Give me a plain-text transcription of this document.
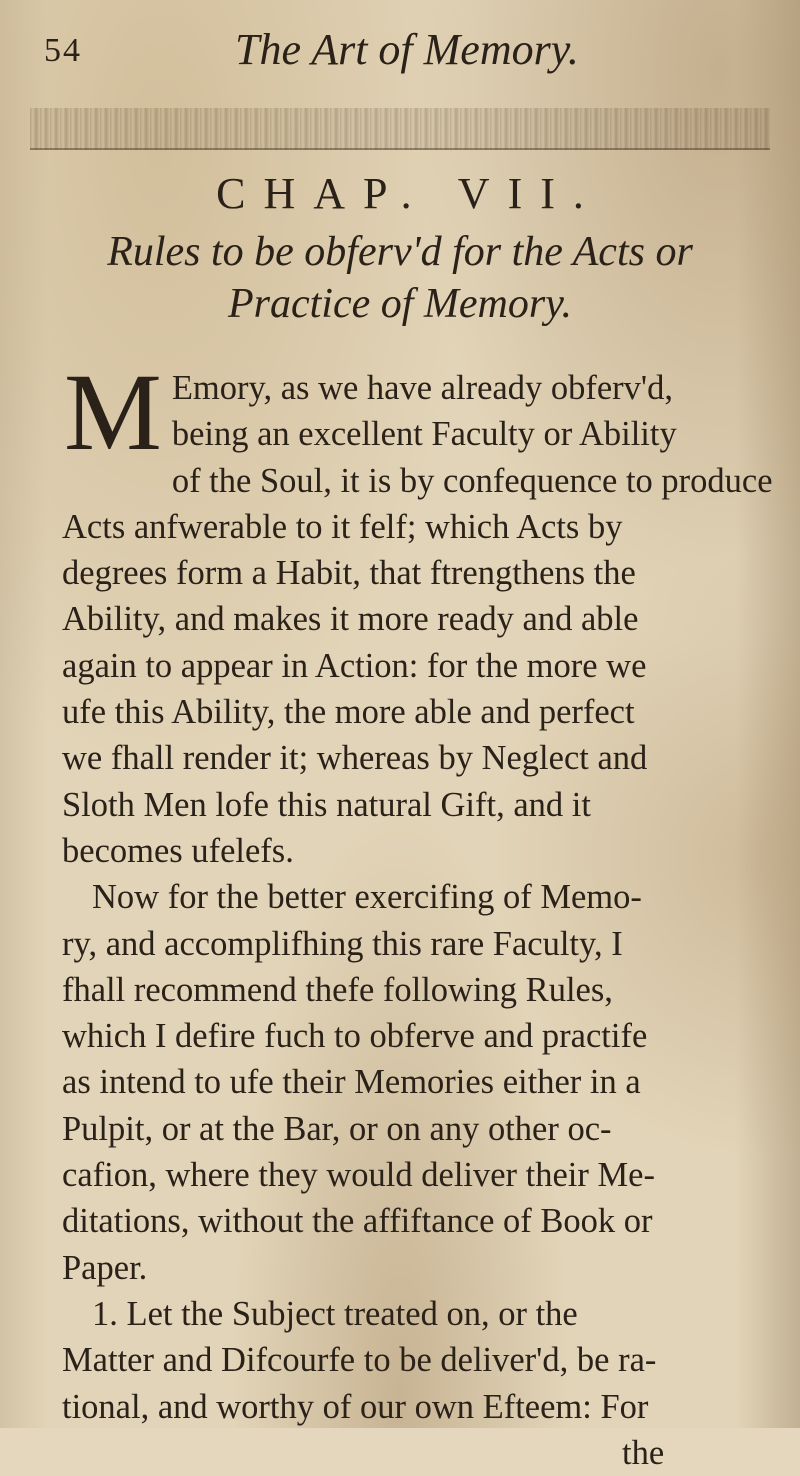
54	The Art of Memory.
CHAP. VII.
Rules to be obferv'd for the Acts or
Practice of Memory.
M Emory, as we have already obferv'd,
being an excellent Faculty or Ability
of the Soul, it is by confequence to produce
Acts anfwerable to it felf; which Acts by
degrees form a Habit, that ftrengthens the
Ability, and makes it more ready and able
again to appear in Action: for the more we
ufe this Ability, the more able and perfect
we fhall render it; whereas by Neglect and
Sloth Men lofe this natural Gift, and it
becomes ufelefs.
Now for the better exercifing of Memo-
ry, and accomplifhing this rare Faculty, I
fhall recommend thefe following Rules,
which I defire fuch to obferve and practife
as intend to ufe their Memories either in a
Pulpit, or at the Bar, or on any other oc-
cafion, where they would deliver their Me-
ditations, without the affiftance of Book or
Paper.
1. Let the Subject treated on, or the
Matter and Difcourfe to be deliver'd, be ra-
tional, and worthy of our own Efteem: For
the
